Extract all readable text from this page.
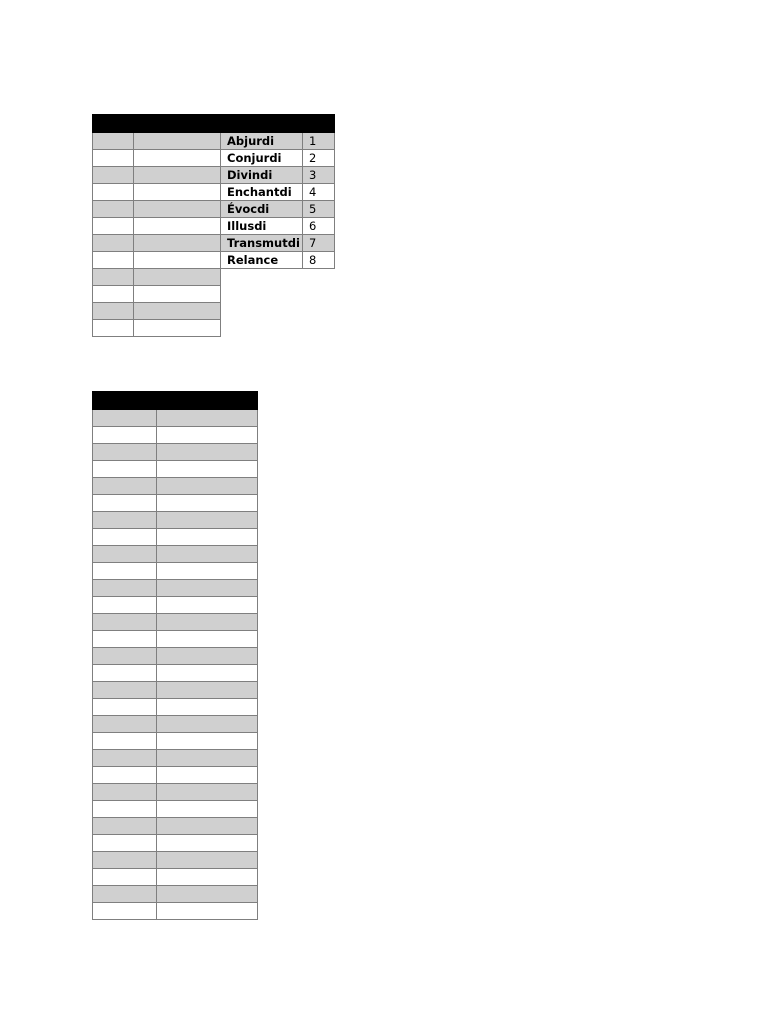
		Abjurdi	1
		Conjurdi	2
		Divindi	3
		Enchantdi	4
		Évocdi	5
		Illusdi	6
		Transmutdi	7
		Relance	8
